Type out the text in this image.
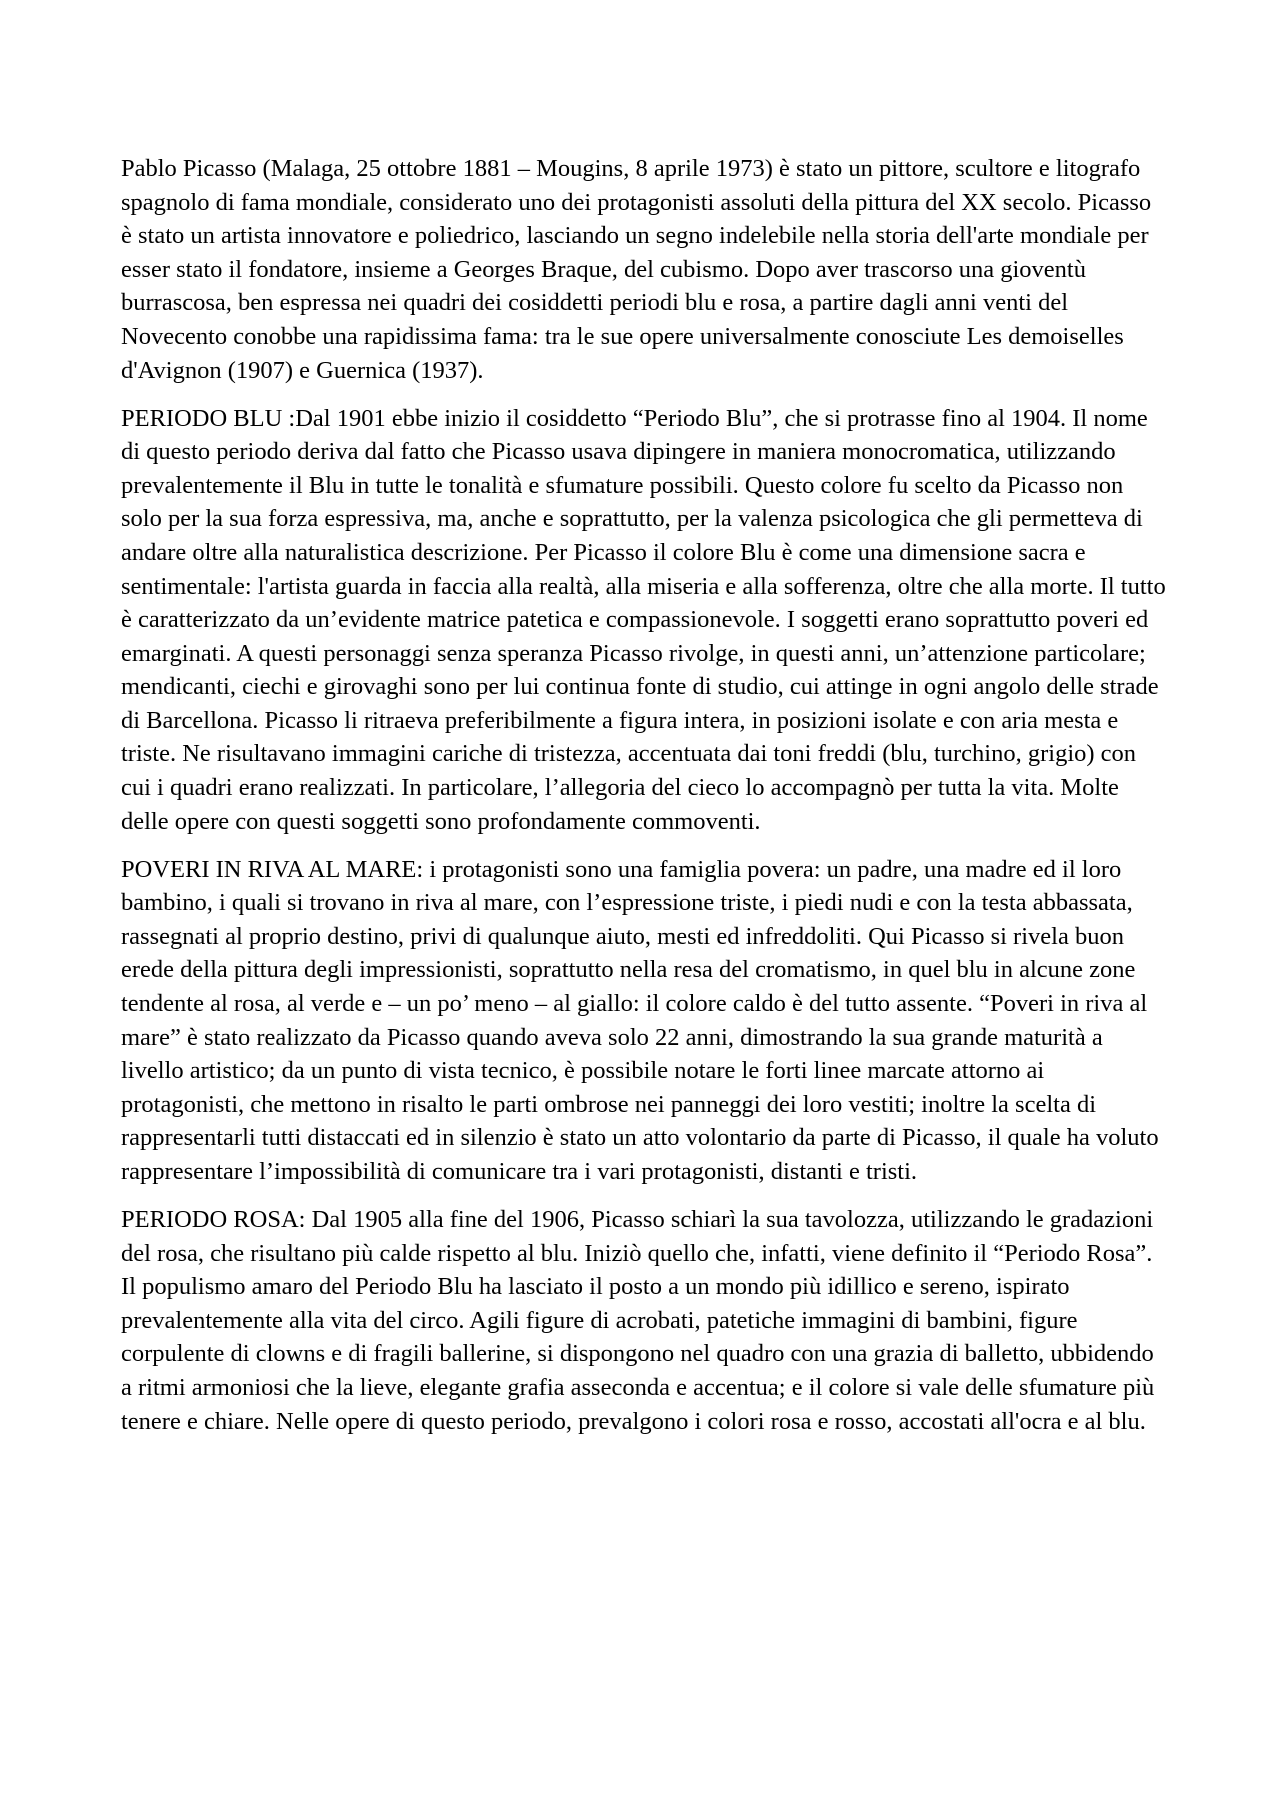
Pablo Picasso (Malaga, 25 ottobre 1881 – Mougins, 8 aprile 1973) è stato un pittore, scultore e litografo spagnolo di fama mondiale, considerato uno dei protagonisti assoluti della pittura del XX secolo. Picasso è stato un artista innovatore e poliedrico, lasciando un segno indelebile nella storia dell'arte mondiale per esser stato il fondatore, insieme a Georges Braque, del cubismo. Dopo aver trascorso una gioventù burrascosa, ben espressa nei quadri dei cosiddetti periodi blu e rosa, a partire dagli anni venti del Novecento conobbe una rapidissima fama: tra le sue opere universalmente conosciute Les demoiselles d'Avignon (1907) e Guernica (1937).

PERIODO BLU :Dal 1901 ebbe inizio il cosiddetto “Periodo Blu”, che si protrasse fino al 1904. Il nome di questo periodo deriva dal fatto che Picasso usava dipingere in maniera monocromatica, utilizzando prevalentemente il Blu in tutte le tonalità e sfumature possibili. Questo colore fu scelto da Picasso non solo per la sua forza espressiva, ma, anche e soprattutto, per la valenza psicologica che gli permetteva di andare oltre alla naturalistica descrizione. Per Picasso il colore Blu è come una dimensione sacra e sentimentale: l'artista guarda in faccia alla realtà, alla miseria e alla sofferenza, oltre che alla morte. Il tutto è caratterizzato da un’evidente matrice patetica e compassionevole. I soggetti erano soprattutto poveri ed emarginati. A questi personaggi senza speranza Picasso rivolge, in questi anni, un’attenzione particolare; mendicanti, ciechi e girovaghi sono per lui continua fonte di studio, cui attinge in ogni angolo delle strade di Barcellona. Picasso li ritraeva preferibilmente a figura intera, in posizioni isolate e con aria mesta e triste. Ne risultavano immagini cariche di tristezza, accentuata dai toni freddi (blu, turchino, grigio) con cui i quadri erano realizzati. In particolare, l’allegoria del cieco lo accompagnò per tutta la vita. Molte delle opere con questi soggetti sono profondamente commoventi.

POVERI IN RIVA AL MARE: i protagonisti sono una famiglia povera: un padre, una madre ed il loro bambino, i quali si trovano in riva al mare, con l’espressione triste, i piedi nudi e con la testa abbassata, rassegnati al proprio destino, privi di qualunque aiuto, mesti ed infreddoliti. Qui Picasso si rivela buon erede della pittura degli impressionisti, soprattutto nella resa del cromatismo, in quel blu in alcune zone tendente al rosa, al verde e – un po’ meno – al giallo: il colore caldo è del tutto assente. “Poveri in riva al mare” è stato realizzato da Picasso quando aveva solo 22 anni, dimostrando la sua grande maturità a livello artistico; da un punto di vista tecnico, è possibile notare le forti linee marcate attorno ai protagonisti, che mettono in risalto le parti ombrose nei panneggi dei loro vestiti; inoltre la scelta di rappresentarli tutti distaccati ed in silenzio è stato un atto volontario da parte di Picasso, il quale ha voluto rappresentare l’impossibilità di comunicare tra i vari protagonisti, distanti e tristi.

PERIODO ROSA: Dal 1905 alla fine del 1906, Picasso schiarì la sua tavolozza, utilizzando le gradazioni del rosa, che risultano più calde rispetto al blu. Iniziò quello che, infatti, viene definito il “Periodo Rosa”. Il populismo amaro del Periodo Blu ha lasciato il posto a un mondo più idillico e sereno, ispirato prevalentemente alla vita del circo. Agili figure di acrobati, patetiche immagini di bambini, figure corpulente di clowns e di fragili ballerine, si dispongono nel quadro con una grazia di balletto, ubbidendo a ritmi armoniosi che la lieve, elegante grafia asseconda e accentua; e il colore si vale delle sfumature più tenere e chiare. Nelle opere di questo periodo, prevalgono i colori rosa e rosso, accostati all'ocra e al blu.
